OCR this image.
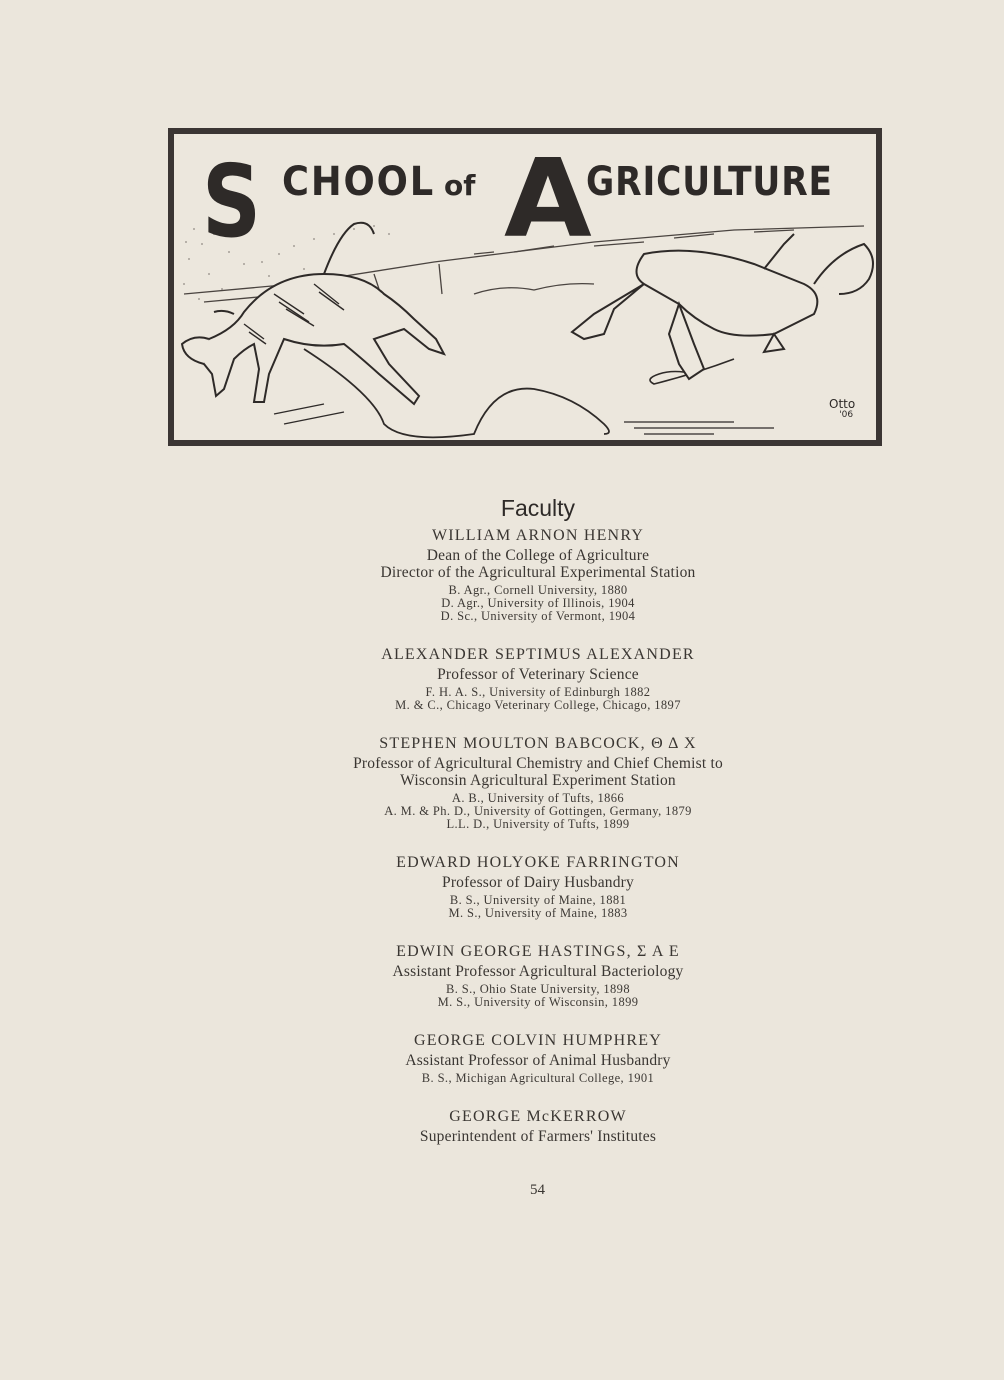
S CHOOL of A
GRICULTURE
Otto
'06
Faculty
WILLIAM ARNON HENRY
Dean of the College of Agriculture
Director of the Agricultural Experimental Station
B. Agr., Cornell University, 1880
D. Agr., University of Illinois, 1904
D. Sc., University of Vermont, 1904
ALEXANDER SEPTIMUS ALEXANDER
Professor of Veterinary Science
F. H. A. S., University of Edinburgh 1882
M. & C., Chicago Veterinary College, Chicago, 1897
STEPHEN MOULTON BABCOCK, Θ Δ X
Professor of Agricultural Chemistry and Chief Chemist to
Wisconsin Agricultural Experiment Station
A. B., University of Tufts, 1866
A. M. & Ph. D., University of Gottingen, Germany, 1879
L.L. D., University of Tufts, 1899
EDWARD HOLYOKE FARRINGTON
Professor of Dairy Husbandry
B. S., University of Maine, 1881
M. S., University of Maine, 1883
EDWIN GEORGE HASTINGS, Σ Α Ε
Assistant Professor Agricultural Bacteriology
B. S., Ohio State University, 1898
M. S., University of Wisconsin, 1899
GEORGE COLVIN HUMPHREY
Assistant Professor of Animal Husbandry
B. S., Michigan Agricultural College, 1901
GEORGE McKERROW
Superintendent of Farmers' Institutes
54
